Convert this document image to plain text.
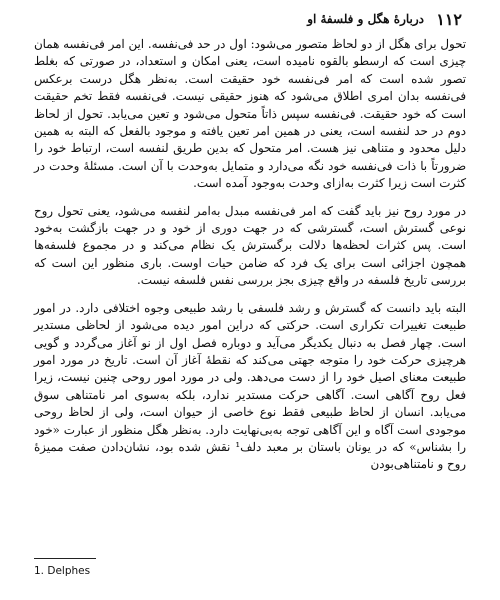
۱۱۲
دربارهٔ هگل و فلسفهٔ او

تحول برای هگل از دو لحاظ متصور می‌شود: اول در حد فی‌نفسه. این امر فی‌نفسه همان چیزی است که ارسطو بالقوه نامیده است، یعنی امکان و استعداد، در صورتی که بغلط تصور شده است که امر فی‌نفسه خود حقیقت است. به‌نظر هگل درست برعکس فی‌نفسه بدان امری اطلاق می‌شود که هنوز حقیقی نیست. فی‌نفسه فقط تخم حقیقت است که خود حقیقت. فی‌نفسه سپس ذاتاً متحول می‌شود و تعین می‌یابد. تحول از لحاظ دوم در حد لنفسه است، یعنی در همین امر تعین یافته و موجود بالفعل که البته به همین دلیل محدود و متناهی نیز هست. امر متحول که بدین طریق لنفسه است، ارتباط خود را ضرورتاً با ذات فی‌نفسه خود نگه می‌دارد و متمایل به‌وحدت با آن است. مسئلهٔ وحدت در کثرت است زیرا کثرت به‌ازای وحدت به‌وجود آمده است.

در مورد روح نیز باید گفت که امر فی‌نفسه مبدل به‌امر لنفسه می‌شود، یعنی تحول روح نوعی گسترش است، گسترشی که در جهت دوری از خود و در جهت بازگشت به‌خود است. پس کثرات لحظه‌ها دلالت برگسترش یک نظام می‌کند و در مجموع فلسفه‌ها همچون اجزائی است برای یک فرد که ضامن حیات اوست. باری منظور این است که بررسی تاریخ فلسفه در واقع چیزی بجز بررسی نفس فلسفه نیست.

البته باید دانست که گسترش و رشد فلسفی با رشد طبیعی وجوه اختلافی دارد. در امور طبیعت تغییرات تکراری است. حرکتی که دراین امور دیده می‌شود از لحاظی مستدیر است. چهار فصل به دنبال یکدیگر می‌آید و دوباره فصل اول از نو آغاز می‌گردد و گویی هرچیزی حرکت خود را متوجه جهتی می‌کند که نقطهٔ آغاز آن است. تاریخ در مورد امور طبیعت معنای اصیل خود را از دست می‌دهد. ولی در مورد امور روحی چنین نیست، زیرا فعل روح آگاهی است. آگاهی حرکت مستدیر ندارد، بلکه به‌سوی امر نامتناهی سوق می‌یابد. انسان از لحاظ طبیعی فقط نوع خاصی از حیوان است، ولی از لحاظ روحی موجودی است آگاه و این آگاهی توجه به‌بی‌نهایت دارد. به‌نظر هگل منظور از عبارت «خود را بشناس» که در یونان باستان بر معبد دلف¹ نقش شده بود، نشان‌دادن صفت ممیزهٔ روح و نامتناهی‌بودن

1. Delphes
